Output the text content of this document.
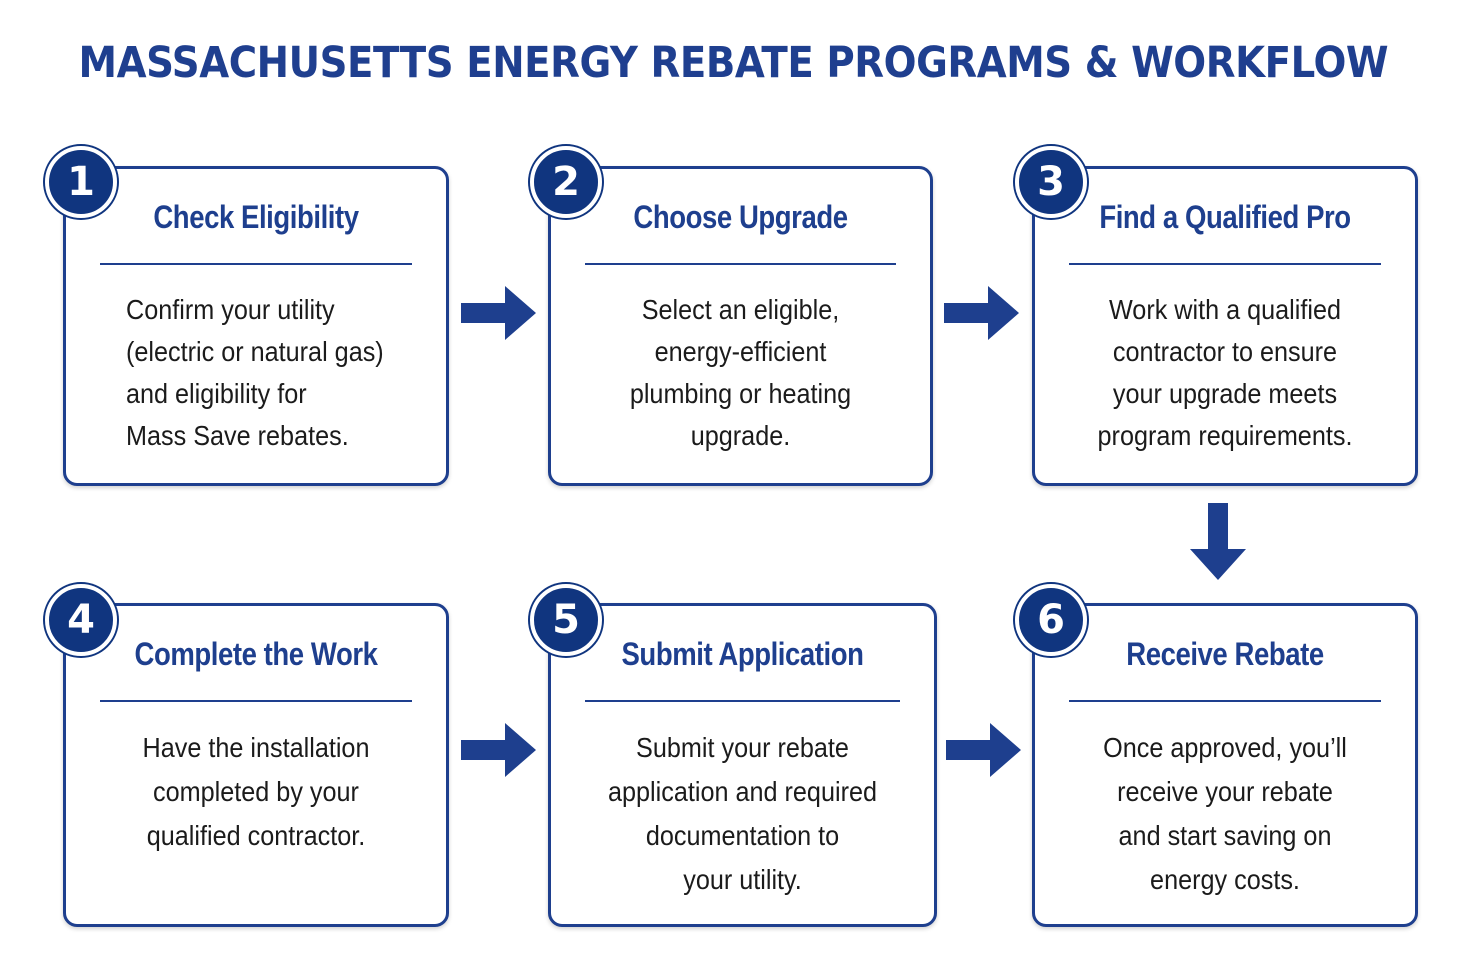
MASSACHUSETTS ENERGY REBATE PROGRAMS & WORKFLOW
Check Eligibility
Confirm your utility
(electric or natural gas)
and eligibility for
Mass Save rebates.
1
Choose Upgrade
Select an eligible,
energy-efficient
plumbing or heating
upgrade.
2
Find a Qualified Pro
Work with a qualified
contractor to ensure
your upgrade meets
program requirements.
3
Complete the Work
Have the installation
completed by your
qualified contractor.
4
Submit Application
Submit your rebate
application and required
documentation to
your utility.
5
Receive Rebate
Once approved, you’ll
receive your rebate
and start saving on
energy costs.
6
